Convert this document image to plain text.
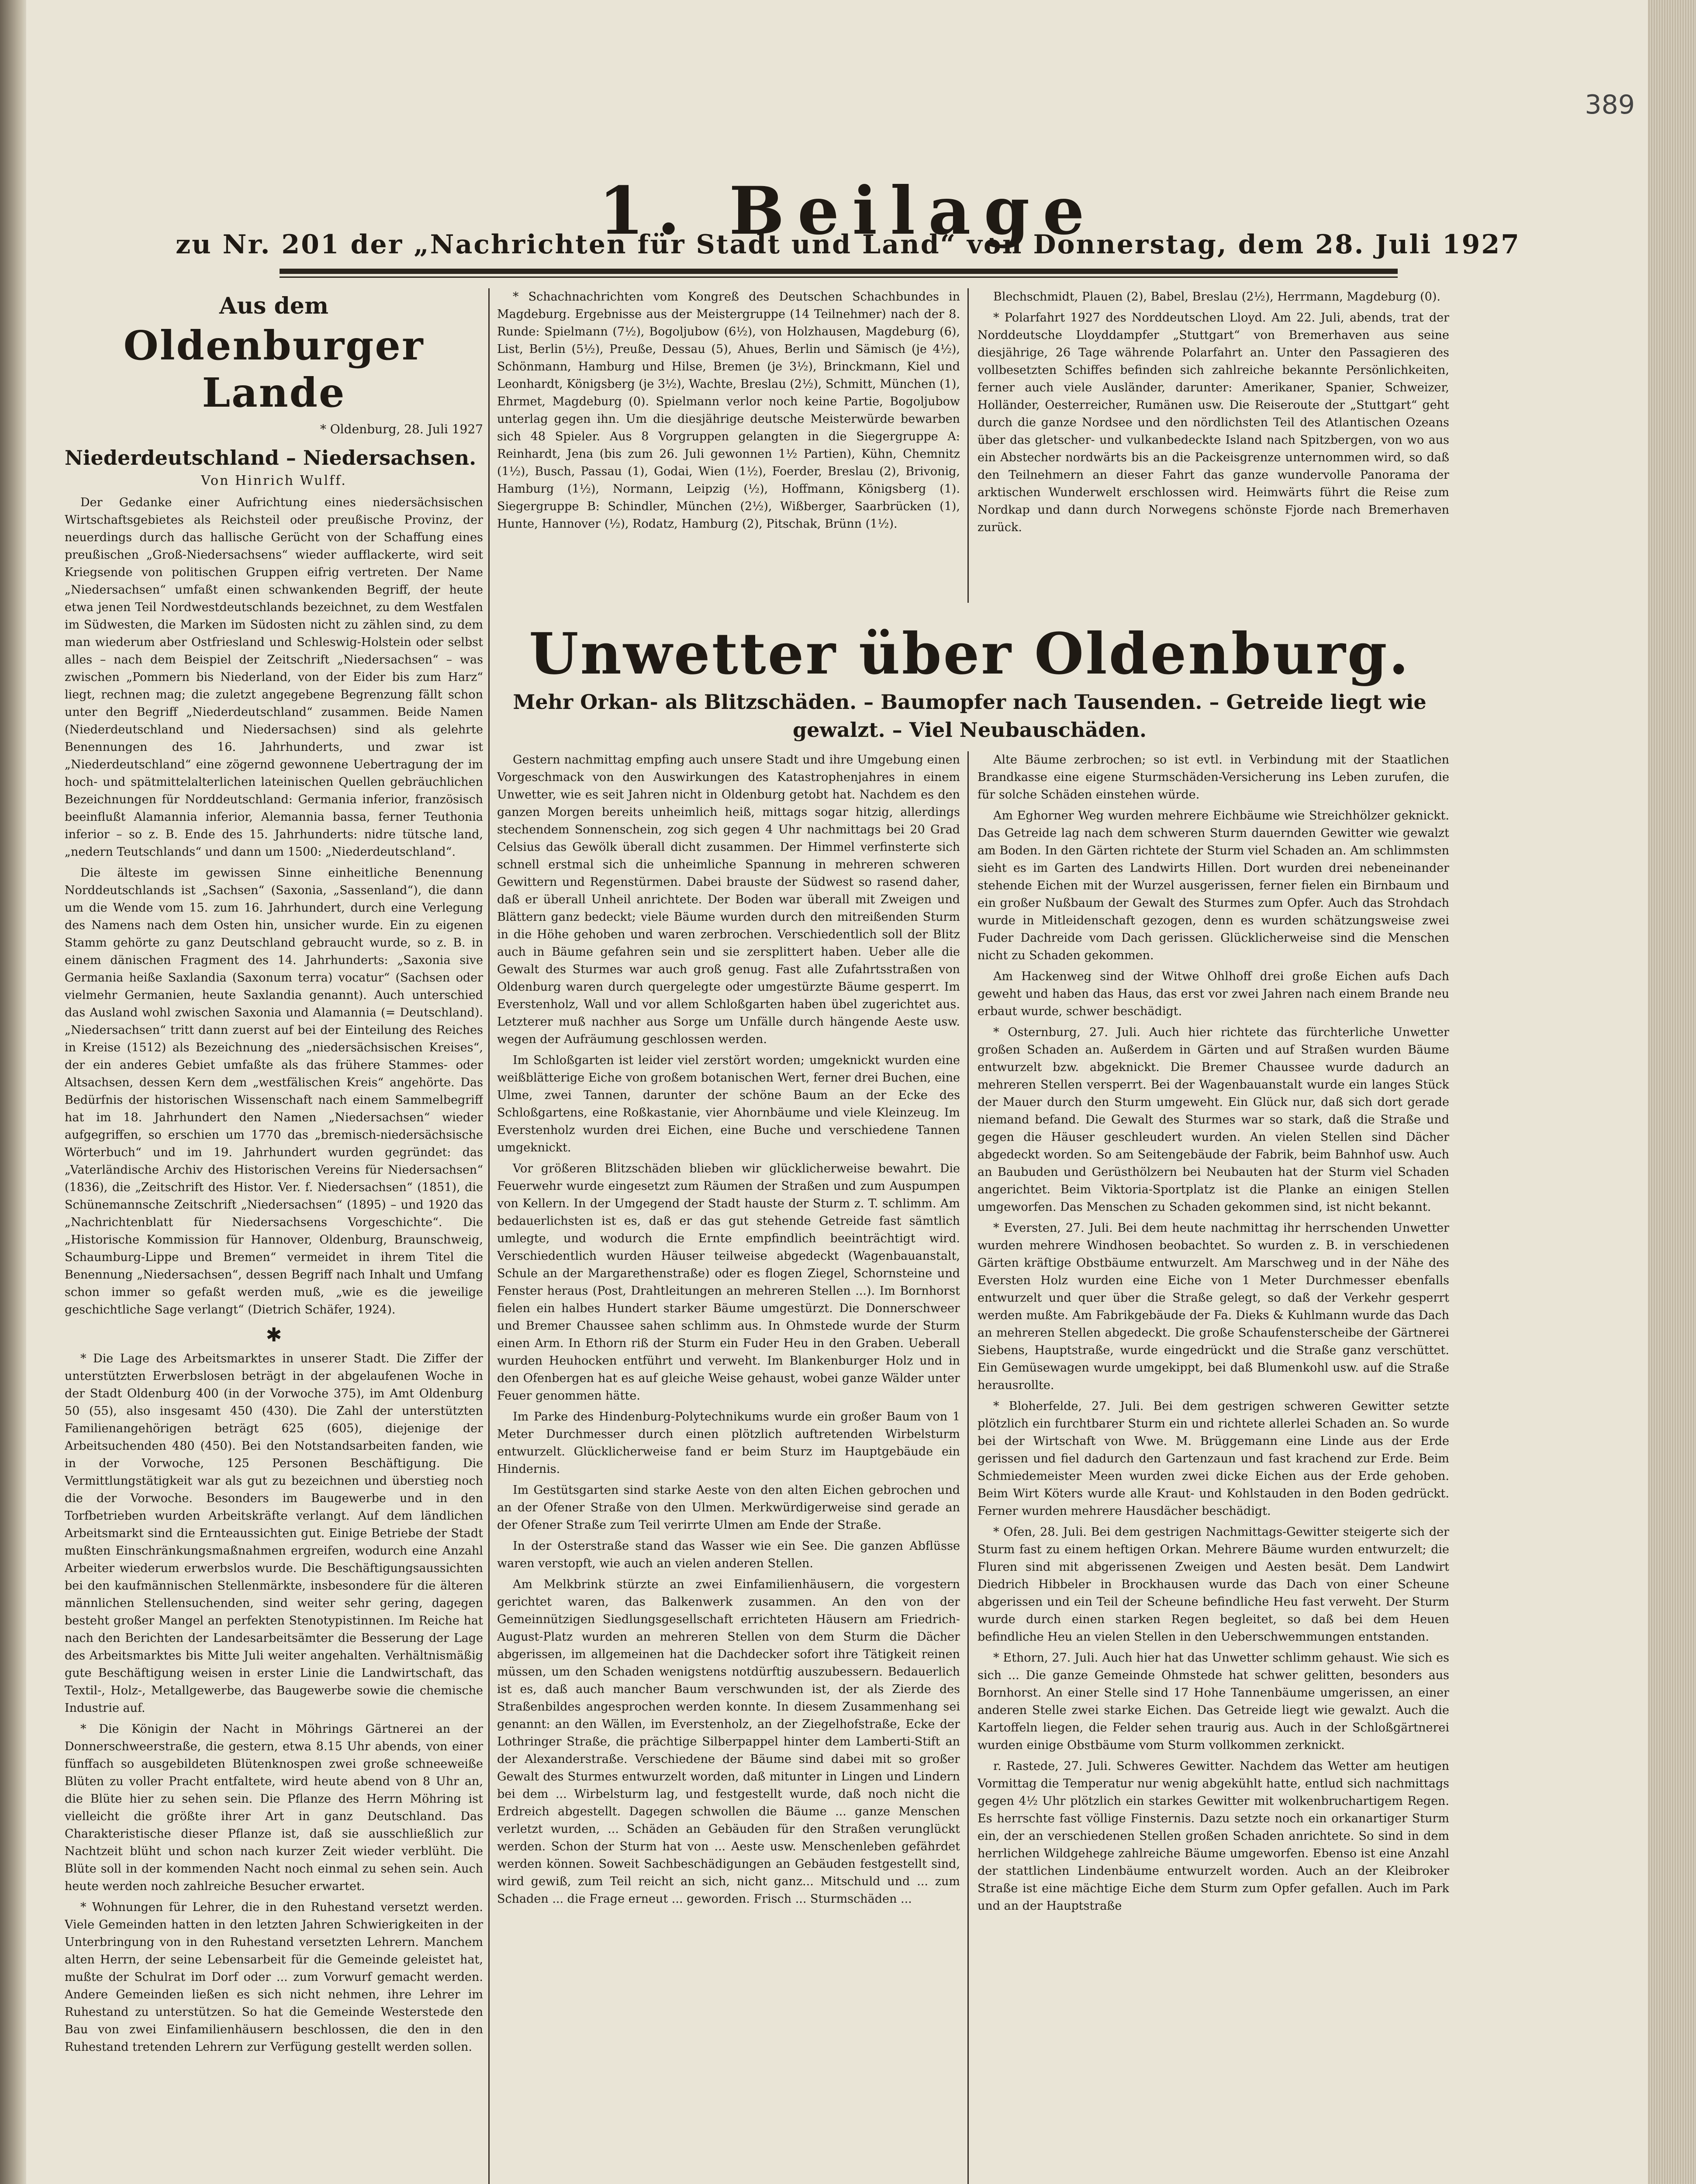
389
1. Beilage
zu Nr. 201 der „Nachrichten für Stadt und Land“ von Donnerstag, dem 28. Juli 1927
Aus dem
Oldenburger Lande
* Oldenburg, 28. Juli 1927
Niederdeutschland – Niedersachsen.
Von Hinrich Wulff.

Der Gedanke einer Aufrichtung eines niedersächsischen Wirtschaftsgebietes als Reichsteil oder preußische Provinz, der neuerdings durch das hallische Gerücht von der Schaffung eines preußischen „Groß-Niedersachsens“ wieder aufflackerte, wird seit Kriegsende von politischen Gruppen eifrig vertreten. Der Name „Niedersachsen“ umfaßt einen schwankenden Begriff, der heute etwa jenen Teil Nordwestdeutschlands bezeichnet, zu dem Westfalen im Südwesten, die Marken im Südosten nicht zu zählen sind, zu dem man wiederum aber Ostfriesland und Schleswig-Holstein oder selbst alles – nach dem Beispiel der Zeitschrift „Niedersachsen“ – was zwischen „Pommern bis Niederland, von der Eider bis zum Harz“ liegt, rechnen mag; die zuletzt angegebene Begrenzung fällt schon unter den Begriff „Niederdeutschland“ zusammen. Beide Namen (Niederdeutschland und Niedersachsen) sind als gelehrte Benennungen des 16. Jahrhunderts, und zwar ist „Niederdeutschland“ eine zögernd gewonnene Uebertragung der im hoch- und spätmittelalterlichen lateinischen Quellen gebräuchlichen Bezeichnungen für Norddeutschland: Germania inferior, französisch beeinflußt Alamannia inferior, Alemannia bassa, ferner Teuthonia inferior – so z. B. Ende des 15. Jahrhunderts: nidre tütsche land, „nedern Teutschlands“ und dann um 1500: „Niederdeutschland“.

Die älteste im gewissen Sinne einheitliche Benennung Norddeutschlands ist „Sachsen“ (Saxonia, „Sassenland“), die dann um die Wende vom 15. zum 16. Jahrhundert, durch eine Verlegung des Namens nach dem Osten hin, unsicher wurde. Ein zu eigenen Stamm gehörte zu ganz Deutschland gebraucht wurde, so z. B. in einem dänischen Fragment des 14. Jahrhunderts: „Saxonia sive Germania heiße Saxlandia (Saxonum terra) vocatur“ (Sachsen oder vielmehr Germanien, heute Saxlandia genannt). Auch unterschied das Ausland wohl zwischen Saxonia und Alamannia (= Deutschland). „Niedersachsen“ tritt dann zuerst auf bei der Einteilung des Reiches in Kreise (1512) als Bezeichnung des „niedersächsischen Kreises“, der ein anderes Gebiet umfaßte als das frühere Stammes- oder Altsachsen, dessen Kern dem „westfälischen Kreis“ angehörte. Das Bedürfnis der historischen Wissenschaft nach einem Sammelbegriff hat im 18. Jahrhundert den Namen „Niedersachsen“ wieder aufgegriffen, so erschien um 1770 das „bremisch-niedersächsische Wörterbuch“ und im 19. Jahrhundert wurden gegründet: das „Vaterländische Archiv des Historischen Vereins für Niedersachsen“ (1836), die „Zeitschrift des Histor. Ver. f. Niedersachsen“ (1851), die Schünemannsche Zeitschrift „Niedersachsen“ (1895) – und 1920 das „Nachrichtenblatt für Niedersachsens Vorgeschichte“. Die „Historische Kommission für Hannover, Oldenburg, Braunschweig, Schaumburg-Lippe und Bremen“ vermeidet in ihrem Titel die Benennung „Niedersachsen“, dessen Begriff nach Inhalt und Umfang schon immer so gefaßt werden muß, „wie es die jeweilige geschichtliche Sage verlangt“ (Dietrich Schäfer, 1924).

✱

* Die Lage des Arbeitsmarktes in unserer Stadt. Die Ziffer der unterstützten Erwerbslosen beträgt in der abgelaufenen Woche in der Stadt Oldenburg 400 (in der Vorwoche 375), im Amt Oldenburg 50 (55), also insgesamt 450 (430). Die Zahl der unterstützten Familienangehörigen beträgt 625 (605), diejenige der Arbeitsuchenden 480 (450). Bei den Notstandsarbeiten fanden, wie in der Vorwoche, 125 Personen Beschäftigung. Die Vermittlungstätigkeit war als gut zu bezeichnen und überstieg noch die der Vorwoche. Besonders im Baugewerbe und in den Torfbetrieben wurden Arbeitskräfte verlangt. Auf dem ländlichen Arbeitsmarkt sind die Ernteaussichten gut. Einige Betriebe der Stadt mußten Einschränkungsmaßnahmen ergreifen, wodurch eine Anzahl Arbeiter wiederum erwerbslos wurde. Die Beschäftigungsaussichten bei den kaufmännischen Stellenmärkte, insbesondere für die älteren männlichen Stellensuchenden, sind weiter sehr gering, dagegen besteht großer Mangel an perfekten Stenotypistinnen. Im Reiche hat nach den Berichten der Landesarbeitsämter die Besserung der Lage des Arbeitsmarktes bis Mitte Juli weiter angehalten. Verhältnismäßig gute Beschäftigung weisen in erster Linie die Landwirtschaft, das Textil-, Holz-, Metallgewerbe, das Baugewerbe sowie die chemische Industrie auf.

* Die Königin der Nacht in Möhrings Gärtnerei an der Donnerschweerstraße, die gestern, etwa 8.15 Uhr abends, von einer fünffach so ausgebildeten Blütenknospen zwei große schneeweiße Blüten zu voller Pracht entfaltete, wird heute abend von 8 Uhr an, die Blüte hier zu sehen sein. Die Pflanze des Herrn Möhring ist vielleicht die größte ihrer Art in ganz Deutschland. Das Charakteristische dieser Pflanze ist, daß sie ausschließlich zur Nachtzeit blüht und schon nach kurzer Zeit wieder verblüht. Die Blüte soll in der kommenden Nacht noch einmal zu sehen sein. Auch heute werden noch zahlreiche Besucher erwartet.

* Wohnungen für Lehrer, die in den Ruhestand versetzt werden. Viele Gemeinden hatten in den letzten Jahren Schwierigkeiten in der Unterbringung von in den Ruhestand versetzten Lehrern. Manchem alten Herrn, der seine Lebensarbeit für die Gemeinde geleistet hat, mußte der Schulrat im Dorf oder ... zum Vorwurf gemacht werden. Andere Gemeinden ließen es sich nicht nehmen, ihre Lehrer im Ruhestand zu unterstützen. So hat die Gemeinde Westerstede den Bau von zwei Einfamilienhäusern beschlossen, die den in den Ruhestand tretenden Lehrern zur Verfügung gestellt werden sollen.

* Schachnachrichten vom Kongreß des Deutschen Schachbundes in Magdeburg. Ergebnisse aus der Meistergruppe (14 Teilnehmer) nach der 8. Runde: Spielmann (7½), Bogoljubow (6½), von Holzhausen, Magdeburg (6), List, Berlin (5½), Preuße, Dessau (5), Ahues, Berlin und Sämisch (je 4½), Schönmann, Hamburg und Hilse, Bremen (je 3½), Brinckmann, Kiel und Leonhardt, Königsberg (je 3½), Wachte, Breslau (2½), Schmitt, München (1), Ehrmet, Magdeburg (0). Spielmann verlor noch keine Partie, Bogoljubow unterlag gegen ihn. Um die diesjährige deutsche Meisterwürde bewarben sich 48 Spieler. Aus 8 Vorgruppen gelangten in die Siegergruppe A: Reinhardt, Jena (bis zum 26. Juli gewonnen 1½ Partien), Kühn, Chemnitz (1½), Busch, Passau (1), Godai, Wien (1½), Foerder, Breslau (2), Brivonig, Hamburg (1½), Normann, Leipzig (½), Hoffmann, Königsberg (1). Siegergruppe B: Schindler, München (2½), Wißberger, Saarbrücken (1), Hunte, Hannover (½), Rodatz, Hamburg (2), Pitschak, Brünn (1½).

Blechschmidt, Plauen (2), Babel, Breslau (2½), Herrmann, Magdeburg (0).

* Polarfahrt 1927 des Norddeutschen Lloyd. Am 22. Juli, abends, trat der Norddeutsche Lloyddampfer „Stuttgart“ von Bremerhaven aus seine diesjährige, 26 Tage währende Polarfahrt an. Unter den Passagieren des vollbesetzten Schiffes befinden sich zahlreiche bekannte Persönlichkeiten, ferner auch viele Ausländer, darunter: Amerikaner, Spanier, Schweizer, Holländer, Oesterreicher, Rumänen usw. Die Reiseroute der „Stuttgart“ geht durch die ganze Nordsee und den nördlichsten Teil des Atlantischen Ozeans über das gletscher- und vulkanbedeckte Island nach Spitzbergen, von wo aus ein Abstecher nordwärts bis an die Packeisgrenze unternommen wird, so daß den Teilnehmern an dieser Fahrt das ganze wundervolle Panorama der arktischen Wunderwelt erschlossen wird. Heimwärts führt die Reise zum Nordkap und dann durch Norwegens schönste Fjorde nach Bremerhaven zurück.

Unwetter über Oldenburg.
Mehr Orkan- als Blitzschäden. – Baumopfer nach Tausenden. – Getreide liegt wie gewalzt. – Viel Neubauschäden.

Gestern nachmittag empfing auch unsere Stadt und ihre Umgebung einen Vorgeschmack von den Auswirkungen des Katastrophenjahres in einem Unwetter, wie es seit Jahren nicht in Oldenburg getobt hat. Nachdem es den ganzen Morgen bereits unheimlich heiß, mittags sogar hitzig, allerdings stechendem Sonnenschein, zog sich gegen 4 Uhr nachmittags bei 20 Grad Celsius das Gewölk überall dicht zusammen. Der Himmel verfinsterte sich schnell erstmal sich die unheimliche Spannung in mehreren schweren Gewittern und Regenstürmen. Dabei brauste der Südwest so rasend daher, daß er überall Unheil anrichtete. Der Boden war überall mit Zweigen und Blättern ganz bedeckt; viele Bäume wurden durch den mitreißenden Sturm in die Höhe gehoben und waren zerbrochen. Verschiedentlich soll der Blitz auch in Bäume gefahren sein und sie zersplittert haben. Ueber alle die Gewalt des Sturmes war auch groß genug. Fast alle Zufahrtsstraßen von Oldenburg waren durch quergelegte oder umgestürzte Bäume gesperrt. Im Everstenholz, Wall und vor allem Schloßgarten haben übel zugerichtet aus. Letzterer muß nachher aus Sorge um Unfälle durch hängende Aeste usw. wegen der Aufräumung geschlossen werden.

Im Schloßgarten ist leider viel zerstört worden; umgeknickt wurden eine weißblätterige Eiche von großem botanischen Wert, ferner drei Buchen, eine Ulme, zwei Tannen, darunter der schöne Baum an der Ecke des Schloßgartens, eine Roßkastanie, vier Ahornbäume und viele Kleinzeug. Im Everstenholz wurden drei Eichen, eine Buche und verschiedene Tannen umgeknickt.

Vor größeren Blitzschäden blieben wir glücklicherweise bewahrt. Die Feuerwehr wurde eingesetzt zum Räumen der Straßen und zum Auspumpen von Kellern. In der Umgegend der Stadt hauste der Sturm z. T. schlimm. Am bedauerlichsten ist es, daß er das gut stehende Getreide fast sämtlich umlegte, und wodurch die Ernte empfindlich beeinträchtigt wird. Verschiedentlich wurden Häuser teilweise abgedeckt (Wagenbauanstalt, Schule an der Margarethenstraße) oder es flogen Ziegel, Schornsteine und Fenster heraus (Post, Drahtleitungen an mehreren Stellen ...). Im Bornhorst fielen ein halbes Hundert starker Bäume umgestürzt. Die Donnerschweer und Bremer Chaussee sahen schlimm aus. In Ohmstede wurde der Sturm einen Arm. In Ethorn riß der Sturm ein Fuder Heu in den Graben. Ueberall wurden Heuhocken entführt und verweht. Im Blankenburger Holz und in den Ofenbergen hat es auf gleiche Weise gehaust, wobei ganze Wälder unter Feuer genommen hätte.

Im Parke des Hindenburg-Polytechnikums wurde ein großer Baum von 1 Meter Durchmesser durch einen plötzlich auftretenden Wirbelsturm entwurzelt. Glücklicherweise fand er beim Sturz im Hauptgebäude ein Hindernis.

Im Gestütsgarten sind starke Aeste von den alten Eichen gebrochen und an der Ofener Straße von den Ulmen. Merkwürdigerweise sind gerade an der Ofener Straße zum Teil verirrte Ulmen am Ende der Straße.

In der Osterstraße stand das Wasser wie ein See. Die ganzen Abflüsse waren verstopft, wie auch an vielen anderen Stellen.

Am Melkbrink stürzte an zwei Einfamilienhäusern, die vorgestern gerichtet waren, das Balkenwerk zusammen. An den von der Gemeinnützigen Siedlungsgesellschaft errichteten Häusern am Friedrich-August-Platz wurden an mehreren Stellen von dem Sturm die Dächer abgerissen, im allgemeinen hat die Dachdecker sofort ihre Tätigkeit reinen müssen, um den Schaden wenigstens notdürftig auszubessern. Bedauerlich ist es, daß auch mancher Baum verschwunden ist, der als Zierde des Straßenbildes angesprochen werden konnte. In diesem Zusammenhang sei genannt: an den Wällen, im Everstenholz, an der Ziegelhofstraße, Ecke der Lothringer Straße, die prächtige Silberpappel hinter dem Lamberti-Stift an der Alexanderstraße. Verschiedene der Bäume sind dabei mit so großer Gewalt des Sturmes entwurzelt worden, daß mitunter in Lingen und Lindern bei dem ... Wirbelsturm lag, und festgestellt wurde, daß noch nicht die Erdreich abgestellt. Dagegen schwollen die Bäume ... ganze Menschen verletzt wurden, ... Schäden an Gebäuden für den Straßen verunglückt werden. Schon der Sturm hat von ... Aeste usw. Menschenleben gefährdet werden können. Soweit Sachbeschädigungen an Gebäuden festgestellt sind, wird gewiß, zum Teil reicht an sich, nicht ganz... Mitschuld und ... zum Schaden ... die Frage erneut ... geworden. Frisch ... Sturmschäden ...

Alte Bäume zerbrochen; so ist evtl. in Verbindung mit der Staatlichen Brandkasse eine eigene Sturmschäden-Versicherung ins Leben zurufen, die für solche Schäden einstehen würde.

Am Eghorner Weg wurden mehrere Eichbäume wie Streichhölzer geknickt. Das Getreide lag nach dem schweren Sturm dauernden Gewitter wie gewalzt am Boden. In den Gärten richtete der Sturm viel Schaden an. Am schlimmsten sieht es im Garten des Landwirts Hillen. Dort wurden drei nebeneinander stehende Eichen mit der Wurzel ausgerissen, ferner fielen ein Birnbaum und ein großer Nußbaum der Gewalt des Sturmes zum Opfer. Auch das Strohdach wurde in Mitleidenschaft gezogen, denn es wurden schätzungsweise zwei Fuder Dachreide vom Dach gerissen. Glücklicherweise sind die Menschen nicht zu Schaden gekommen.

Am Hackenweg sind der Witwe Ohlhoff drei große Eichen aufs Dach geweht und haben das Haus, das erst vor zwei Jahren nach einem Brande neu erbaut wurde, schwer beschädigt.

* Osternburg, 27. Juli. Auch hier richtete das fürchterliche Unwetter großen Schaden an. Außerdem in Gärten und auf Straßen wurden Bäume entwurzelt bzw. abgeknickt. Die Bremer Chaussee wurde dadurch an mehreren Stellen versperrt. Bei der Wagenbauanstalt wurde ein langes Stück der Mauer durch den Sturm umgeweht. Ein Glück nur, daß sich dort gerade niemand befand. Die Gewalt des Sturmes war so stark, daß die Straße und gegen die Häuser geschleudert wurden. An vielen Stellen sind Dächer abgedeckt worden. So am Seitengebäude der Fabrik, beim Bahnhof usw. Auch an Baubuden und Gerüsthölzern bei Neubauten hat der Sturm viel Schaden angerichtet. Beim Viktoria-Sportplatz ist die Planke an einigen Stellen umgeworfen. Das Menschen zu Schaden gekommen sind, ist nicht bekannt.

* Eversten, 27. Juli. Bei dem heute nachmittag ihr herrschenden Unwetter wurden mehrere Windhosen beobachtet. So wurden z. B. in verschiedenen Gärten kräftige Obstbäume entwurzelt. Am Marschweg und in der Nähe des Eversten Holz wurden eine Eiche von 1 Meter Durchmesser ebenfalls entwurzelt und quer über die Straße gelegt, so daß der Verkehr gesperrt werden mußte. Am Fabrikgebäude der Fa. Dieks & Kuhlmann wurde das Dach an mehreren Stellen abgedeckt. Die große Schaufensterscheibe der Gärtnerei Siebens, Hauptstraße, wurde eingedrückt und die Straße ganz verschüttet. Ein Gemüsewagen wurde umgekippt, bei daß Blumenkohl usw. auf die Straße herausrollte.

* Bloherfelde, 27. Juli. Bei dem gestrigen schweren Gewitter setzte plötzlich ein furchtbarer Sturm ein und richtete allerlei Schaden an. So wurde bei der Wirtschaft von Wwe. M. Brüggemann eine Linde aus der Erde gerissen und fiel dadurch den Gartenzaun und fast krachend zur Erde. Beim Schmiedemeister Meen wurden zwei dicke Eichen aus der Erde gehoben. Beim Wirt Köters wurde alle Kraut- und Kohlstauden in den Boden gedrückt. Ferner wurden mehrere Hausdächer beschädigt.

* Ofen, 28. Juli. Bei dem gestrigen Nachmittags-Gewitter steigerte sich der Sturm fast zu einem heftigen Orkan. Mehrere Bäume wurden entwurzelt; die Fluren sind mit abgerissenen Zweigen und Aesten besät. Dem Landwirt Diedrich Hibbeler in Brockhausen wurde das Dach von einer Scheune abgerissen und ein Teil der Scheune befindliche Heu fast verweht. Der Sturm wurde durch einen starken Regen begleitet, so daß bei dem Heuen befindliche Heu an vielen Stellen in den Ueberschwemmungen entstanden.

* Ethorn, 27. Juli. Auch hier hat das Unwetter schlimm gehaust. Wie sich es sich ... Die ganze Gemeinde Ohmstede hat schwer gelitten, besonders aus Bornhorst. An einer Stelle sind 17 Hohe Tannenbäume umgerissen, an einer anderen Stelle zwei starke Eichen. Das Getreide liegt wie gewalzt. Auch die Kartoffeln liegen, die Felder sehen traurig aus. Auch in der Schloßgärtnerei wurden einige Obstbäume vom Sturm vollkommen zerknickt.

r. Rastede, 27. Juli. Schweres Gewitter. Nachdem das Wetter am heutigen Vormittag die Temperatur nur wenig abgekühlt hatte, entlud sich nachmittags gegen 4½ Uhr plötzlich ein starkes Gewitter mit wolkenbruchartigem Regen. Es herrschte fast völlige Finsternis. Dazu setzte noch ein orkanartiger Sturm ein, der an verschiedenen Stellen großen Schaden anrichtete. So sind in dem herrlichen Wildgehege zahlreiche Bäume umgeworfen. Ebenso ist eine Anzahl der stattlichen Lindenbäume entwurzelt worden. Auch an der Kleibroker Straße ist eine mächtige Eiche dem Sturm zum Opfer gefallen. Auch im Park und an der Hauptstraße
